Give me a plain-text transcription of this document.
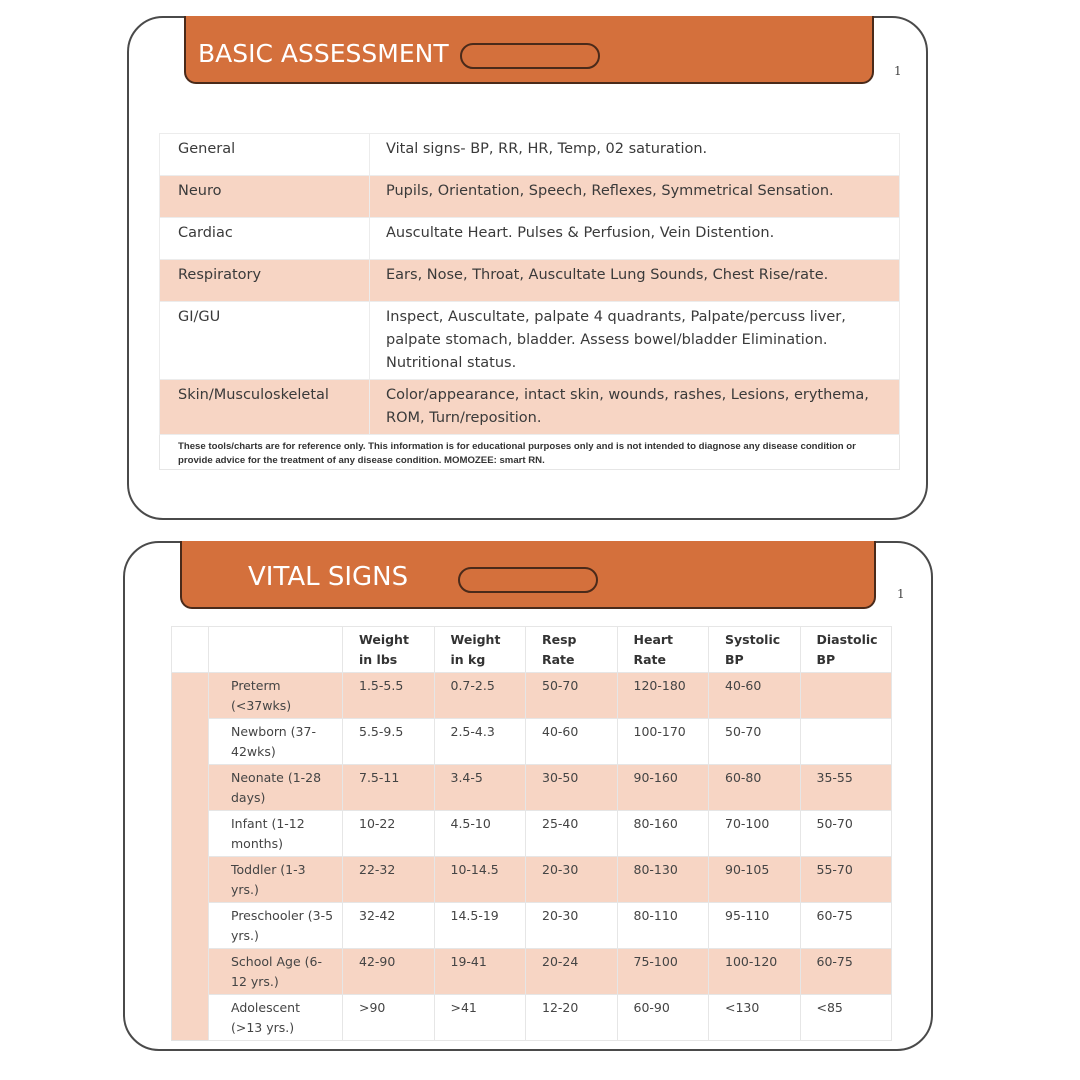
BASIC ASSESSMENT
1
General	Vital signs- BP, RR, HR, Temp, 02 saturation.
Neuro	Pupils, Orientation, Speech, Reflexes, Symmetrical Sensation.
Cardiac	Auscultate Heart. Pulses & Perfusion, Vein Distention.
Respiratory	Ears, Nose, Throat, Auscultate Lung Sounds, Chest Rise/rate.
GI/GU	Inspect, Auscultate, palpate 4 quadrants, Palpate/percuss liver, palpate stomach, bladder. Assess bowel/bladder Elimination. Nutritional status.
Skin/Musculoskeletal	Color/appearance, intact skin, wounds, rashes, Lesions, erythema, ROM, Turn/reposition.
These tools/charts are for reference only. This information is for educational purposes only and is not intended to diagnose any disease condition or provide advice for the treatment of any disease condition. MOMOZEE: smart RN.
VITAL SIGNS
1
		Weight in lbs	Weight in kg	Resp Rate	Heart Rate	Systolic BP	Diastolic BP
	Preterm (<37wks)	1.5-5.5	0.7-2.5	50-70	120-180	40-60	
	Newborn (37-42wks)	5.5-9.5	2.5-4.3	40-60	100-170	50-70	
	Neonate (1-28 days)	7.5-11	3.4-5	30-50	90-160	60-80	35-55
	Infant (1-12 months)	10-22	4.5-10	25-40	80-160	70-100	50-70
	Toddler (1-3 yrs.)	22-32	10-14.5	20-30	80-130	90-105	55-70
	Preschooler (3-5 yrs.)	32-42	14.5-19	20-30	80-110	95-110	60-75
	School Age (6-12 yrs.)	42-90	19-41	20-24	75-100	100-120	60-75
	Adolescent (>13 yrs.)	>90	>41	12-20	60-90	<130	<85
